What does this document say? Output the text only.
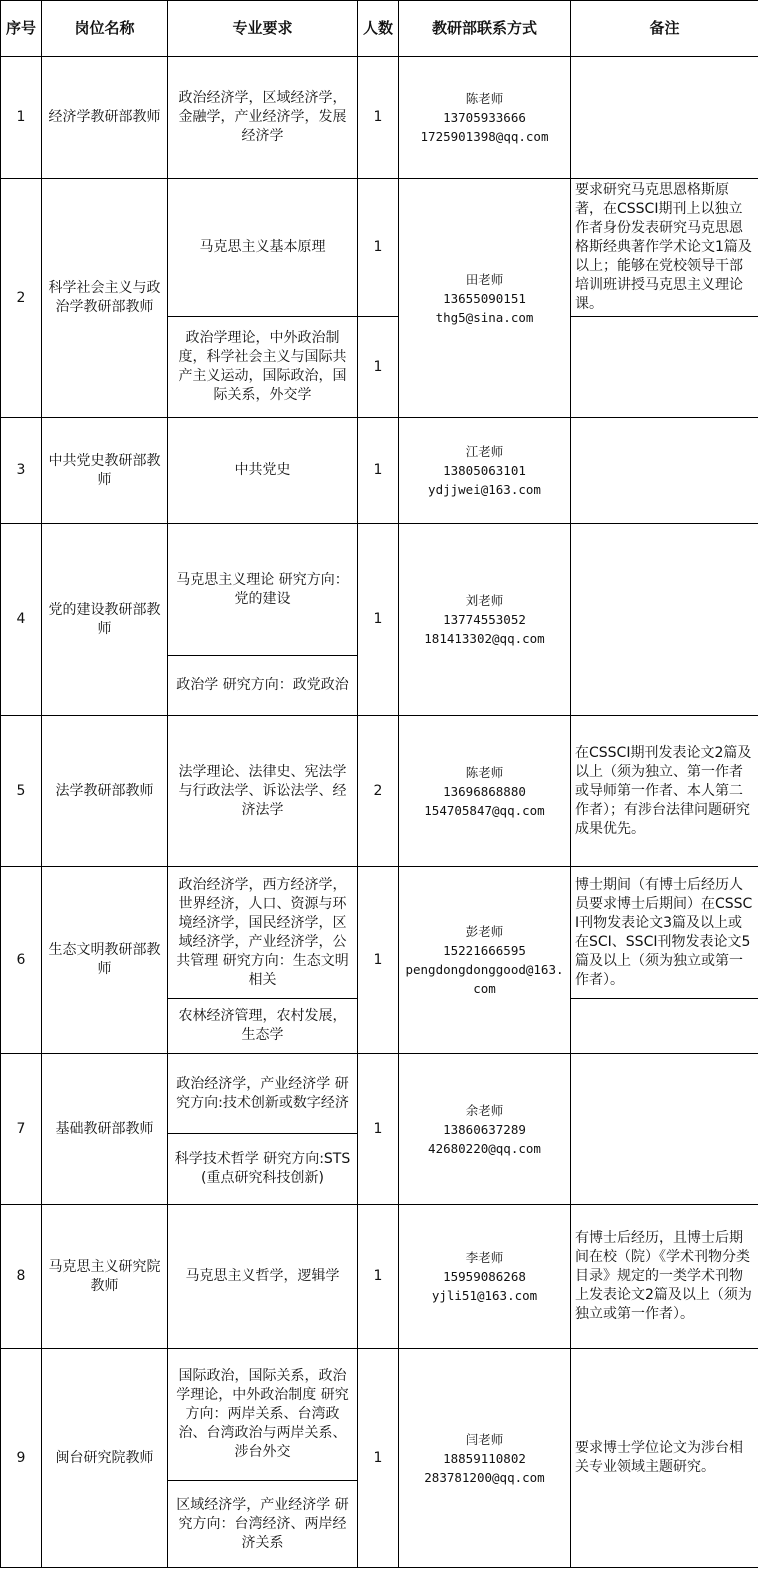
序号	岗位名称	专业要求	人数	教研部联系方式	备注
1	经济学教研部教师	政治经济学，区域经济学，金融学，产业经济学，发展经济学	1	陈老师
13705933666
1725901398@qq.com	

2	科学社会主义与政治学教研部教师	马克思主义基本原理	1	田老师
13655090151
thg5@sina.com	要求研究马克思恩格斯原著，在CSSCI期刊上以独立作者身份发表研究马克思恩格斯经典著作学术论文1篇及以上；能够在党校领导干部培训班讲授马克思主义理论课。
		政治学理论，中外政治制度，科学社会主义与国际共产主义运动，国际政治，国际关系，外交学	1		
3	中共党史教研部教师	中共党史	1	江老师
13805063101
ydjjwei@163.com	

4	党的建设教研部教师	马克思主义理论 研究方向：党的建设	1	刘老师
13774553052
181413302@qq.com	

		政治学 研究方向：政党政治			
5	法学教研部教师	法学理论、法律史、宪法学与行政法学、诉讼法学、经济法学	2	陈老师
13696868880
154705847@qq.com	在CSSCI期刊发表论文2篇及以上（须为独立、第一作者或导师第一作者、本人第二作者）；有涉台法律问题研究成果优先。
6	生态文明教研部教师	政治经济学，西方经济学，世界经济，人口、资源与环境经济学，国民经济学，区域经济学，产业经济学，公共管理 研究方向：生态文明相关	1	彭老师
15221666595
pengdongdonggood@163.com	博士期间（有博士后经历人员要求博士后期间）在CSSCI刊物发表论文3篇及以上或在SCI、SSCI刊物发表论文5篇及以上（须为独立或第一作者）。
		农林经济管理，农村发展，生态学			
7	基础教研部教师	政治经济学，产业经济学 研究方向:技术创新或数字经济	1	余老师
13860637289
42680220@qq.com	

		科学技术哲学 研究方向:STS(重点研究科技创新)			
8	马克思主义研究院教师	马克思主义哲学，逻辑学	1	李老师
15959086268
yjli51@163.com	有博士后经历，且博士后期间在校（院）《学术刊物分类目录》规定的一类学术刊物上发表论文2篇及以上（须为独立或第一作者）。
9	闽台研究院教师	国际政治，国际关系，政治学理论，中外政治制度 研究方向：两岸关系、台湾政治、台湾政治与两岸关系、涉台外交	1	闫老师
18859110802
283781200@qq.com	要求博士学位论文为涉台相关专业领域主题研究。
		区域经济学，产业经济学 研究方向：台湾经济、两岸经济关系			
